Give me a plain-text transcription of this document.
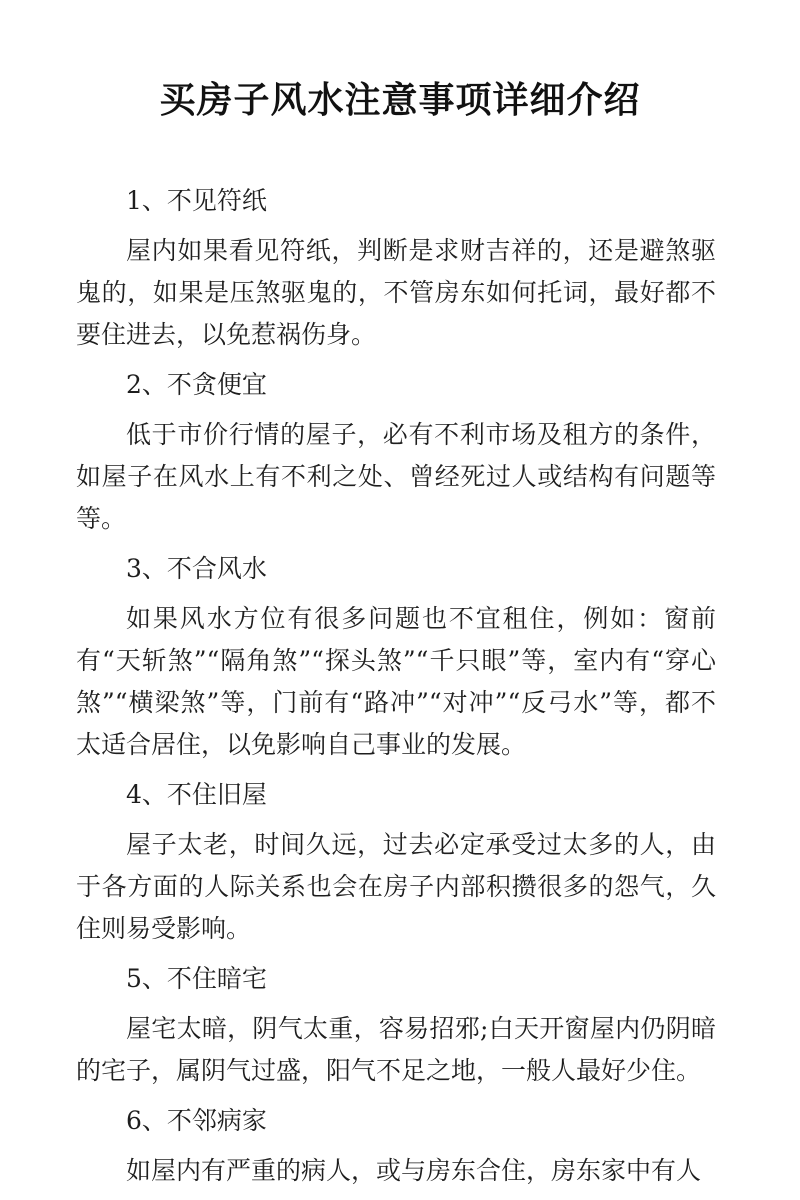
买房子风水注意事项详细介绍
1、不见符纸
屋内如果看见符纸，判断是求财吉祥的，还是避煞驱鬼的，如果是压煞驱鬼的，不管房东如何托词，最好都不要住进去，以免惹祸伤身。
2、不贪便宜
低于市价行情的屋子，必有不利市场及租方的条件，如屋子在风水上有不利之处、曾经死过人或结构有问题等等。
3、不合风水
如果风水方位有很多问题也不宜租住，例如：窗前有“天斩煞”“隔角煞”“探头煞”“千只眼”等，室内有“穿心煞”“横梁煞”等，门前有“路冲”“对冲”“反弓水”等，都不太适合居住，以免影响自己事业的发展。
4、不住旧屋
屋子太老，时间久远，过去必定承受过太多的人，由于各方面的人际关系也会在房子内部积攒很多的怨气，久住则易受影响。
5、不住暗宅
屋宅太暗，阴气太重，容易招邪;白天开窗屋内仍阴暗的宅子，属阴气过盛，阳气不足之地，一般人最好少住。
6、不邻病家
如屋内有严重的病人，或与房东合住，房东家中有人
